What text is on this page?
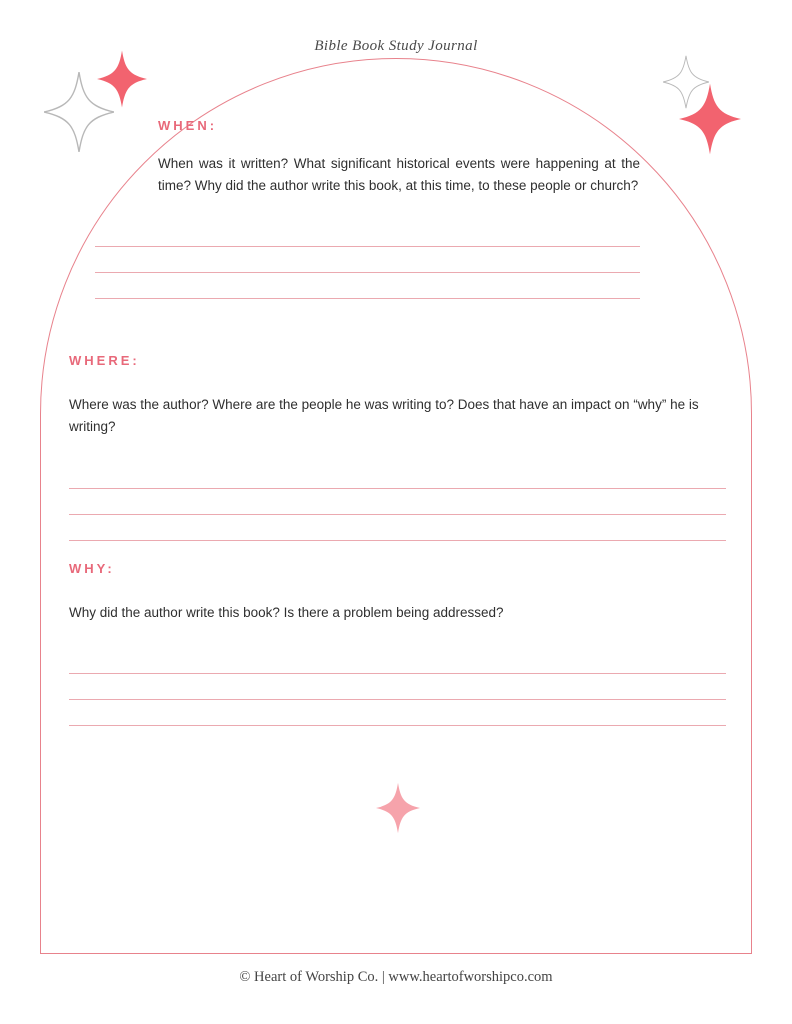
Bible Book Study Journal
WHEN:
When was it written? What significant historical events were happening at the time? Why did the author write this book, at this time, to these people or church?
WHERE:
Where was the author? Where are the people he was writing to? Does that have an impact on “why” he is writing?
WHY:
Why did the author write this book? Is there a problem being addressed?
© Heart of Worship Co. | www.heartofworshipco.com
